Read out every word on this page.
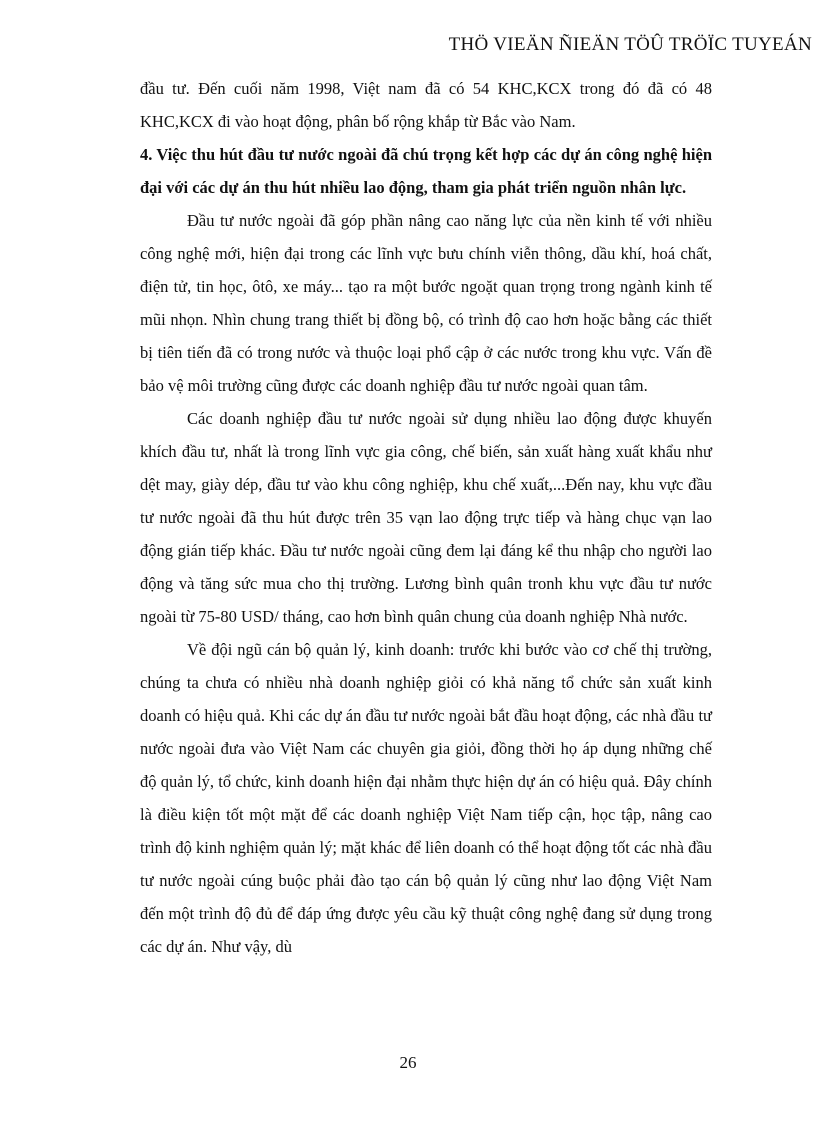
THÖ VIEÄN ÑIEÄN TÖÛ TRÖÏC TUYEÁN

đầu tư. Đến cuối năm 1998, Việt nam đã có 54 KHC,KCX trong đó đã có 48 KHC,KCX đi vào hoạt động, phân bố rộng khắp từ Bắc vào Nam.

4. Việc thu hút đầu tư nước ngoài đã chú trọng kết hợp các dự án công nghệ hiện đại với các dự án thu hút nhiều lao động, tham gia phát triển nguồn nhân lực.

Đầu tư nước ngoài đã góp phần nâng cao năng lực của nền kinh tế với nhiều công nghệ mới, hiện đại trong các lĩnh vực bưu chính viễn thông, dầu khí, hoá chất, điện tử, tin học, ôtô, xe máy... tạo ra một bước ngoặt quan trọng trong ngành kinh tế mũi nhọn. Nhìn chung trang thiết bị đồng bộ, có trình độ cao hơn hoặc bằng các thiết bị tiên tiến đã có trong nước và thuộc loại phổ cập ở các nước trong khu vực. Vấn đề bảo vệ môi trường cũng được các doanh nghiệp đầu tư nước ngoài quan tâm.

Các doanh nghiệp đầu tư nước ngoài sử dụng nhiều lao động được khuyến khích đầu tư, nhất là trong lĩnh vực gia công, chế biến, sản xuất hàng xuất khẩu như dệt may, giày dép, đầu tư vào khu công nghiệp, khu chế xuất,...Đến nay, khu vực đầu tư nước ngoài đã thu hút được trên 35 vạn lao động trực tiếp và hàng chục vạn lao động gián tiếp khác. Đầu tư nước ngoài cũng đem lại đáng kể thu nhập cho người lao động và tăng sức mua cho thị trường. Lương bình quân tronh khu vực đầu tư nước ngoài từ 75-80 USD/ tháng, cao hơn bình quân chung của doanh nghiệp Nhà nước.

Về đội ngũ cán bộ quản lý, kinh doanh: trước khi bước vào cơ chế thị trường, chúng ta chưa có nhiều nhà doanh nghiệp giỏi có khả năng tổ chức sản xuất kinh doanh có hiệu quả. Khi các dự án đầu tư nước ngoài bắt đầu hoạt động, các nhà đầu tư nước ngoài đưa vào Việt Nam các chuyên gia giỏi, đồng thời họ áp dụng những chế độ quản lý, tổ chức, kinh doanh hiện đại nhằm thực hiện dự án có hiệu quả. Đây chính là điều kiện tốt một mặt để các doanh nghiệp Việt Nam tiếp cận, học tập, nâng cao trình độ kinh nghiệm quản lý; mặt khác để liên doanh có thể hoạt động tốt các nhà đầu tư nước ngoài cúng buộc phải đào tạo cán bộ quản lý cũng như lao động Việt Nam đến một trình độ đủ để đáp ứng được yêu cầu kỹ thuật công nghệ đang sử dụng trong các dự án. Như vậy, dù

26
